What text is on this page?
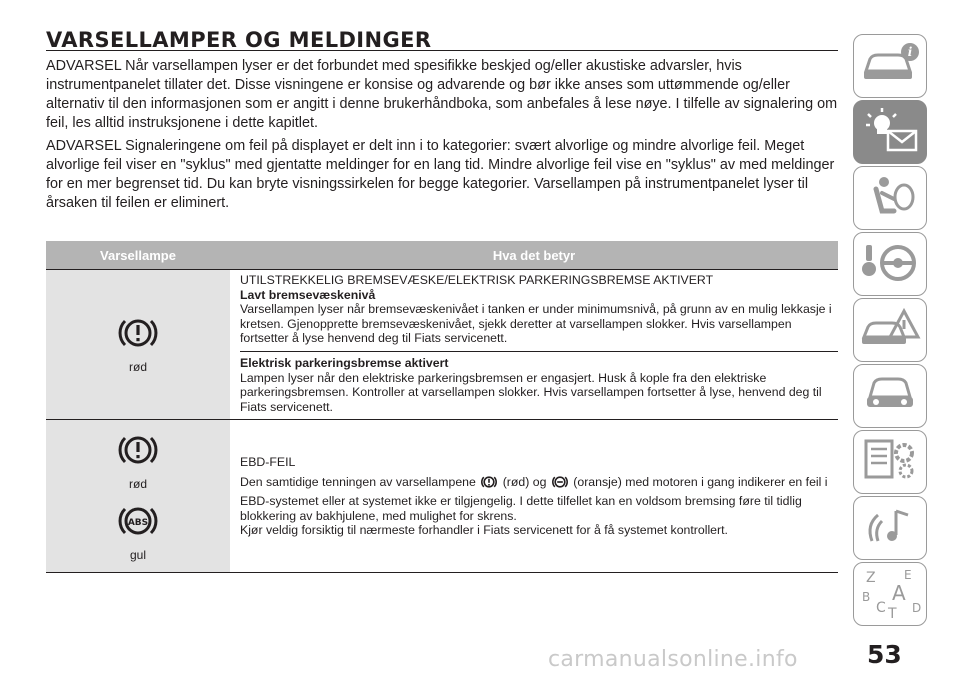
VARSELLAMPER OG MELDINGER

ADVARSEL Når varsellampen lyser er det forbundet med spesifikke beskjed og/eller akustiske advarsler, hvis instrumentpanelet tillater det. Disse visningene er konsise og advarende og bør ikke anses som uttømmende og/eller alternativ til den informasjonen som er angitt i denne brukerhåndboka, som anbefales å lese nøye. I tilfelle av signalering om feil, les alltid instruksjonene i dette kapitlet.

ADVARSEL Signaleringene om feil på displayet er delt inn i to kategorier: svært alvorlige og mindre alvorlige feil. Meget alvorlige feil viser en "syklus" med gjentatte meldinger for en lang tid. Mindre alvorlige feil vise en "syklus" av med meldinger for en mer begrenset tid. Du kan bryte visningssirkelen for begge kategorier. Varsellampen på instrumentpanelet lyser til årsaken til feilen er eliminert.

Varsellampe	Hva det betyr
rød
UTILSTREKKELIG BREMSEVÆSKE/ELEKTRISK PARKERINGSBREMSE AKTIVERT
Lavt bremsevæskenivå
Varsellampen lyser når bremsevæskenivået i tanken er under minimumsnivå, på grunn av en mulig lekkasje i kretsen. Gjenopprette bremsevæskenivået, sjekk deretter at varsellampen slokker. Hvis varsellampen fortsetter å lyse henvend deg til Fiats servicenett.
Elektrisk parkeringsbremse aktivert
Lampen lyser når den elektriske parkeringsbremsen er engasjert. Husk å kople fra den elektriske parkeringsbremsen. Kontroller at varsellampen slokker. Hvis varsellampen fortsetter å lyse, henvend deg til Fiats servicenett.
rød
ABS
gul
EBD-FEIL
Den samtidige tenningen av varsellampene (rød) og (oransje) med motoren i gang indikerer en feil i EBD-systemet eller at systemet ikke er tilgjengelig. I dette tilfellet kan en voldsom bremsing føre til tidlig blokkering av bakhjulene, med mulighet for skrens.
Kjør veldig forsiktig til nærmeste forhandler i Fiats servicenett for å få systemet kontrollert.
i
Z E
B A
C D
T
carmanualsonline.info	53
